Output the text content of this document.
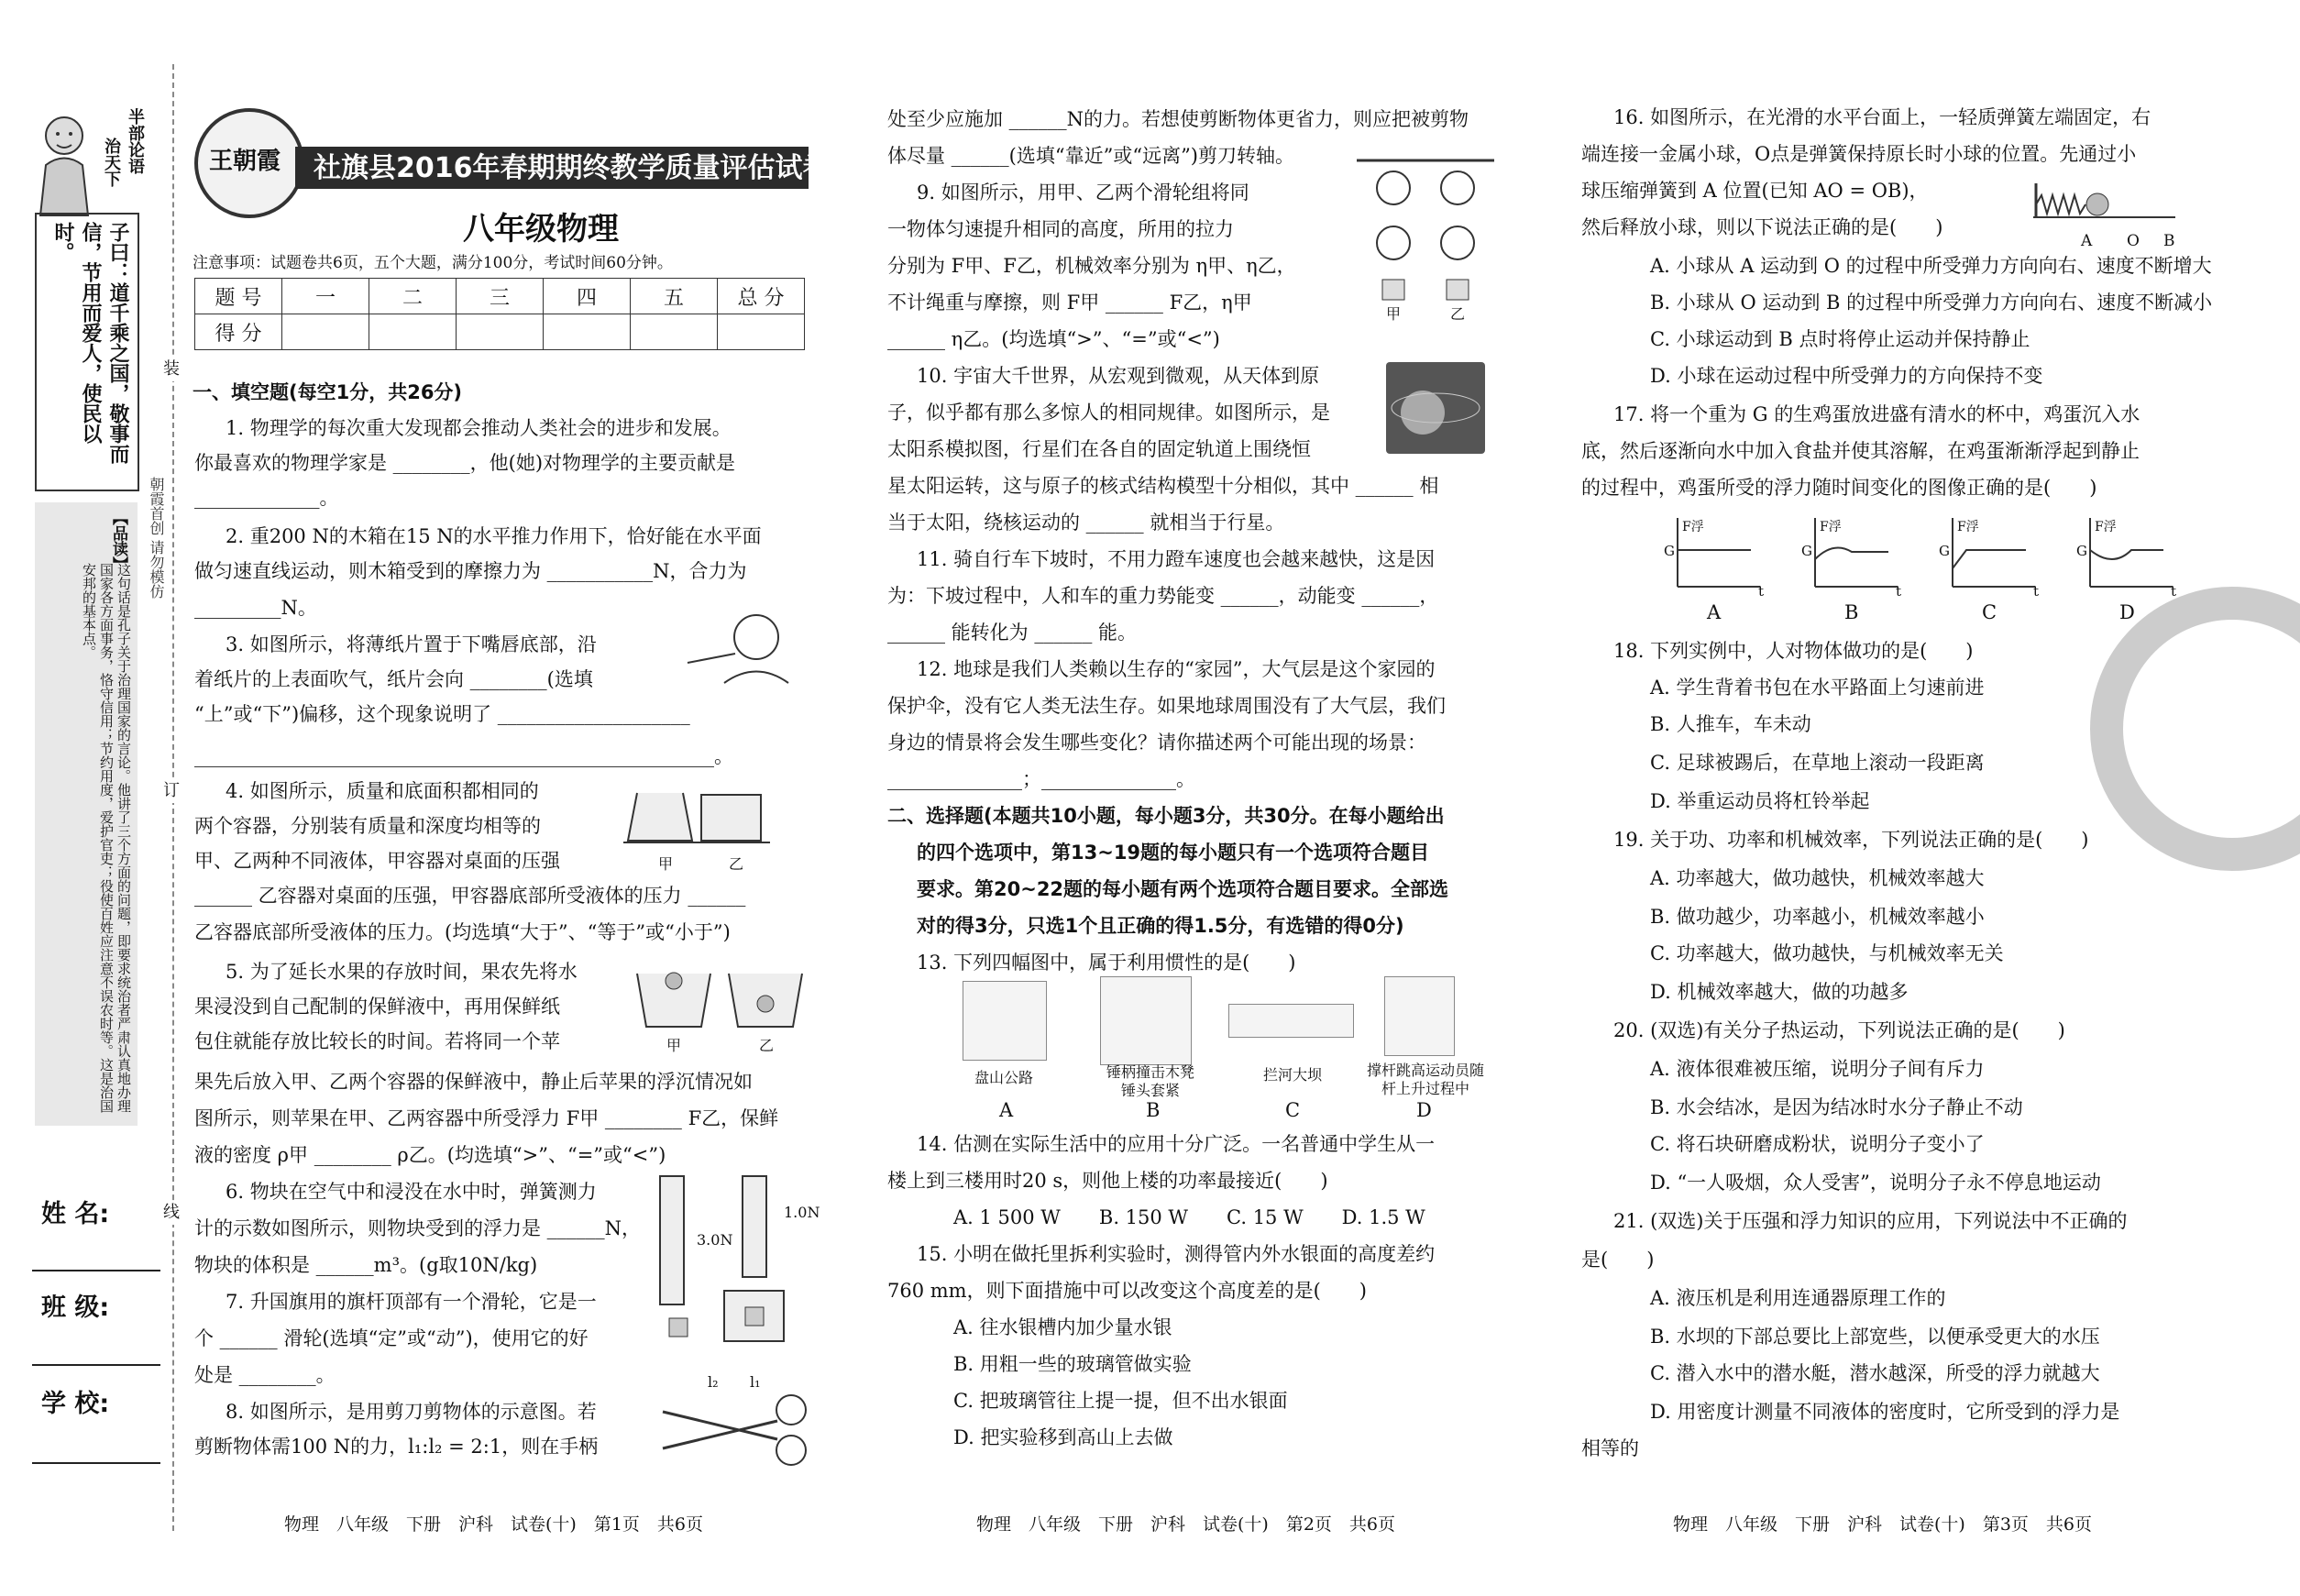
半部论语
治天下
子曰：道千乘之国，敬事而信，节用而爱人，使民以时。
【品读】
这句话是孔子关于治理国家的言论。他讲了三个方面的问题，即要求统治者严肃认真地办理国家各方面事务，恪守信用；节约用度，爱护官吏；役使百姓应注意不误农时等。这是治国安邦的基本点。
装
订
线
朝霞首创 请勿模仿
姓 名:
班 级:
学 校:
王朝霞 社旗县2016年春期期终教学质量评估试卷
八年级物理
注意事项：试题卷共6页，五个大题，满分100分，考试时间60分钟。
题 号	一	二	三	四	五	总 分
得 分						
一、填空题(每空1分，共26分)
1. 物理学的每次重大发现都会推动人类社会的进步和发展。
你最喜欢的物理学家是 ________，他(她)对物理学的主要贡献是
_____________。
2. 重200 N的木箱在15 N的水平推力作用下，恰好能在水平面
做匀速直线运动，则木箱受到的摩擦力为 ___________N，合力为
_________N。
3. 如图所示，将薄纸片置于下嘴唇底部，沿
着纸片的上表面吹气，纸片会向 ________(选填
“上”或“下”)偏移，这个现象说明了 ____________________
______________________________________________________。
4. 如图所示，质量和底面积都相同的
两个容器，分别装有质量和深度均相等的
甲、乙两种不同液体，甲容器对桌面的压强
______ 乙容器对桌面的压强，甲容器底部所受液体的压力 ______
乙容器底部所受液体的压力。(均选填“大于”、“等于”或“小于”)
5. 为了延长水果的存放时间，果农先将水
果浸没到自己配制的保鲜液中，再用保鲜纸
包住就能存放比较长的时间。若将同一个苹
果先后放入甲、乙两个容器的保鲜液中，静止后苹果的浮沉情况如
图所示，则苹果在甲、乙两容器中所受浮力 F甲 ________ F乙，保鲜
液的密度 ρ甲 ________ ρ乙。(均选填“>”、“=”或“<”)
6. 物块在空气中和浸没在水中时，弹簧测力
计的示数如图所示，则物块受到的浮力是 ______N，
物块的体积是 ______m³。(g取10N/kg)
7. 升国旗用的旗杆顶部有一个滑轮，它是一
个 ______ 滑轮(选填“定”或“动”)，使用它的好
处是 ________。
8. 如图所示，是用剪刀剪物体的示意图。若
剪断物体需100 N的力，l₁:l₂ = 2:1，则在手柄
甲	乙
甲	乙
3.0N
1.0N
l₂ l₁
物理　八年级　下册　沪科　试卷(十)　第1页　共6页
处至少应施加 ______N的力。若想使剪断物体更省力，则应把被剪物
体尽量 ______(选填“靠近”或“远离”)剪刀转轴。
9. 如图所示，用甲、乙两个滑轮组将同
一物体匀速提升相同的高度，所用的拉力
分别为 F甲、F乙，机械效率分别为 η甲、η乙，
不计绳重与摩擦，则 F甲 ______ F乙，η甲
______ η乙。(均选填“>”、“=”或“<”)
10. 宇宙大千世界，从宏观到微观，从天体到原
子，似乎都有那么多惊人的相同规律。如图所示，是
太阳系模拟图，行星们在各自的固定轨道上围绕恒
星太阳运转，这与原子的核式结构模型十分相似，其中 ______ 相
当于太阳，绕核运动的 ______ 就相当于行星。
11. 骑自行车下坡时，不用力蹬车速度也会越来越快，这是因
为：下坡过程中，人和车的重力势能变 ______，动能变 ______，
______ 能转化为 ______ 能。
12. 地球是我们人类赖以生存的“家园”，大气层是这个家园的
保护伞，没有它人类无法生存。如果地球周围没有了大气层，我们
身边的情景将会发生哪些变化？请你描述两个可能出现的场景：
______________；______________。
二、选择题(本题共10小题，每小题3分，共30分。在每小题给出
的四个选项中，第13~19题的每小题只有一个选项符合题目
要求。第20~22题的每小题有两个选项符合题目要求。全部选
对的得3分，只选1个且正确的得1.5分，有选错的得0分)
13. 下列四幅图中，属于利用惯性的是(　　)
盘山公路	锤柄撞击木凳锤头套紧
拦河大坝	撑杆跳高运动员随杆上升过程中
A	B	C	D
14. 估测在实际生活中的应用十分广泛。一名普通中学生从一
楼上到三楼用时20 s，则他上楼的功率最接近(　　)
A. 1 500 W　　B. 150 W　　C. 15 W　　D. 1.5 W
15. 小明在做托里拆利实验时，测得管内外水银面的高度差约
760 mm，则下面措施中可以改变这个高度差的是(　　)
A. 往水银槽内加少量水银
B. 用粗一些的玻璃管做实验
C. 把玻璃管往上提一提，但不出水银面
D. 把实验移到高山上去做
甲	乙
物理　八年级　下册　沪科　试卷(十)　第2页　共6页
16. 如图所示，在光滑的水平台面上，一轻质弹簧左端固定，右
端连接一金属小球，O点是弹簧保持原长时小球的位置。先通过小
球压缩弹簧到 A 位置(已知 AO = OB)，
然后释放小球，则以下说法正确的是(　　)
A. 小球从 A 运动到 O 的过程中所受弹力方向向右、速度不断增大
B. 小球从 O 运动到 B 的过程中所受弹力方向向右、速度不断减小
C. 小球运动到 B 点时将停止运动并保持静止
D. 小球在运动过程中所受弹力的方向保持不变
17. 将一个重为 G 的生鸡蛋放进盛有清水的杯中，鸡蛋沉入水
底，然后逐渐向水中加入食盐并使其溶解，在鸡蛋渐渐浮起到静止
的过程中，鸡蛋所受的浮力随时间变化的图像正确的是(　　)
A O B
F浮	F浮	F浮	F浮
G	G	G	G
t	t	t	t
A	B	C	D
18. 下列实例中，人对物体做功的是(　　)
A. 学生背着书包在水平路面上匀速前进
B. 人推车，车未动
C. 足球被踢后，在草地上滚动一段距离
D. 举重运动员将杠铃举起
19. 关于功、功率和机械效率，下列说法正确的是(　　)
A. 功率越大，做功越快，机械效率越大
B. 做功越少，功率越小，机械效率越小
C. 功率越大，做功越快，与机械效率无关
D. 机械效率越大，做的功越多
20. (双选)有关分子热运动，下列说法正确的是(　　)
A. 液体很难被压缩，说明分子间有斥力
B. 水会结冰，是因为结冰时水分子静止不动
C. 将石块研磨成粉状，说明分子变小了
D. “一人吸烟，众人受害”，说明分子永不停息地运动
21. (双选)关于压强和浮力知识的应用，下列说法中不正确的
是(　　)
A. 液压机是利用连通器原理工作的
B. 水坝的下部总要比上部宽些，以便承受更大的水压
C. 潜入水中的潜水艇，潜水越深，所受的浮力就越大
D. 用密度计测量不同液体的密度时，它所受到的浮力是
相等的
物理　八年级　下册　沪科　试卷(十)　第3页　共6页
